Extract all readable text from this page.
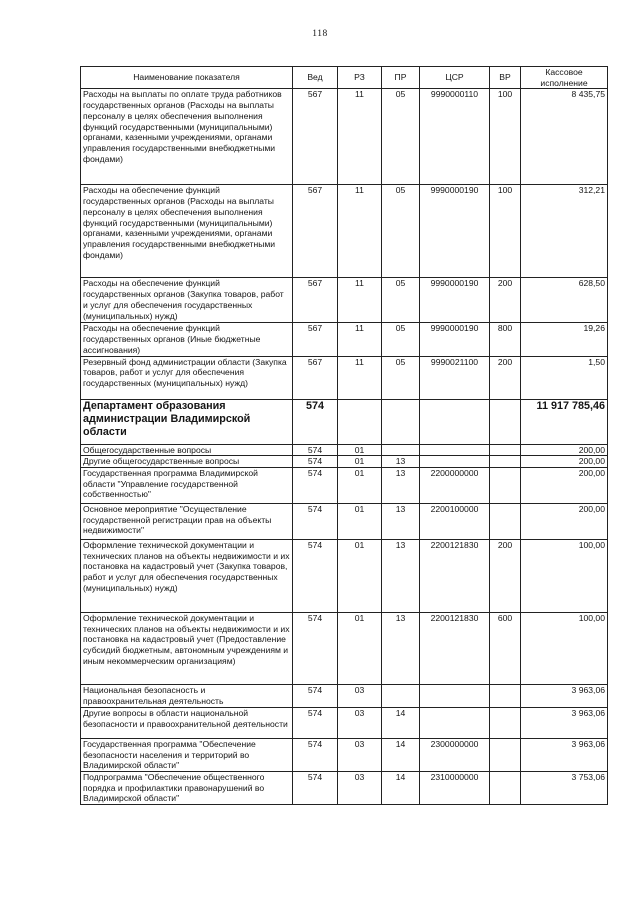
118
Наименование показателя	Вед	РЗ	ПР	ЦСР	ВР	Кассовое исполнение
Расходы на выплаты по оплате труда работников государственных органов (Расходы на выплаты персоналу в целях обеспечения выполнения функций государственными (муниципальными) органами, казенными учреждениями, органами управления государственными внебюджетными фондами)	567	11	05	9990000110	100	8 435,75
Расходы на обеспечение функций государственных органов (Расходы на выплаты персоналу в целях обеспечения выполнения функций государственными (муниципальными) органами, казенными учреждениями, органами управления государственными внебюджетными фондами)	567	11	05	9990000190	100	312,21
Расходы на обеспечение функций государственных органов (Закупка товаров, работ и услуг для обеспечения государственных (муниципальных) нужд)	567	11	05	9990000190	200	628,50
Расходы на обеспечение функций государственных органов (Иные бюджетные ассигнования)	567	11	05	9990000190	800	19,26
Резервный фонд администрации области (Закупка товаров, работ и услуг для обеспечения государственных (муниципальных) нужд)	567	11	05	9990021100	200	1,50
Департамент образования администрации Владимирской области	574					11 917 785,46
Общегосударственные вопросы	574	01				200,00
Другие общегосударственные вопросы	574	01	13			200,00
Государственная программа Владимирской области "Управление государственной собственностью"	574	01	13	2200000000		200,00
Основное мероприятие "Осуществление государственной регистрации прав на объекты недвижимости"	574	01	13	2200100000		200,00
Оформление технической документации и технических планов на объекты недвижимости и их постановка на кадастровый учет (Закупка товаров, работ и услуг для обеспечения государственных (муниципальных) нужд)	574	01	13	2200121830	200	100,00
Оформление технической документации и технических планов на объекты недвижимости и их постановка на кадастровый учет (Предоставление субсидий бюджетным, автономным учреждениям и иным некоммерческим организациям)	574	01	13	2200121830	600	100,00
Национальная безопасность и правоохранительная деятельность	574	03				3 963,06
Другие вопросы в области национальной безопасности и правоохранительной деятельности	574	03	14			3 963,06
Государственная программа "Обеспечение безопасности населения и территорий во Владимирской области"	574	03	14	2300000000		3 963,06
Подпрограмма "Обеспечение общественного порядка и профилактики правонарушений во Владимирской области"	574	03	14	2310000000		3 753,06
